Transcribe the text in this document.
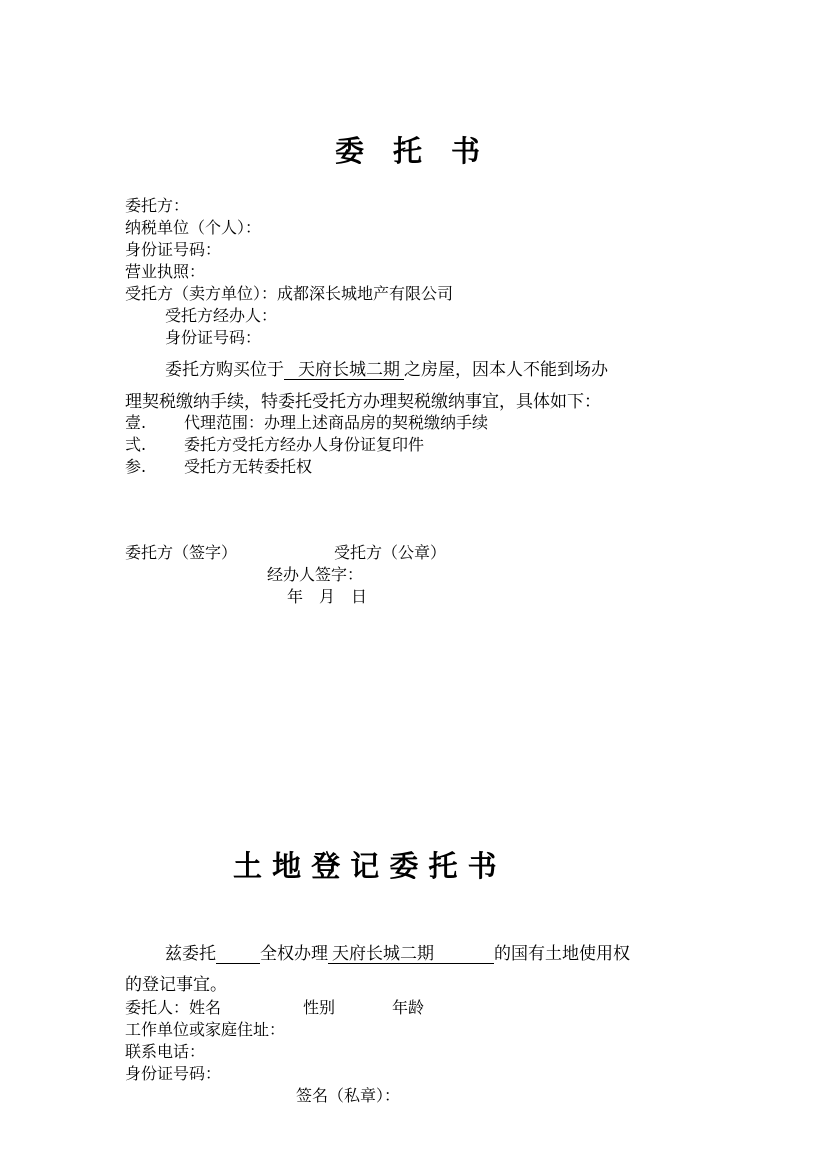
委　托　书
委托方：
纳税单位（个人）：
身份证号码：
营业执照：
受托方（卖方单位）：成都深长城地产有限公司
受托方经办人：
身份证号码：
委托方购买位于 天府长城二期 之房屋，因本人不能到场办
理契税缴纳手续，特委托受托方办理契税缴纳事宜，具体如下：
壹. 代理范围：办理上述商品房的契税缴纳手续
弍. 委托方受托方经办人身份证复印件
参. 受托方无转委托权
委托方（签字）	受托方（公章）
经办人签字：
年　月　日
土 地 登 记 委 托 书
兹委托	全权办理 天府长城二期	的国有土地使用权
的登记事宜。
委托人：姓名	性别	年龄
工作单位或家庭住址：
联系电话：
身份证号码：
签名（私章）：
